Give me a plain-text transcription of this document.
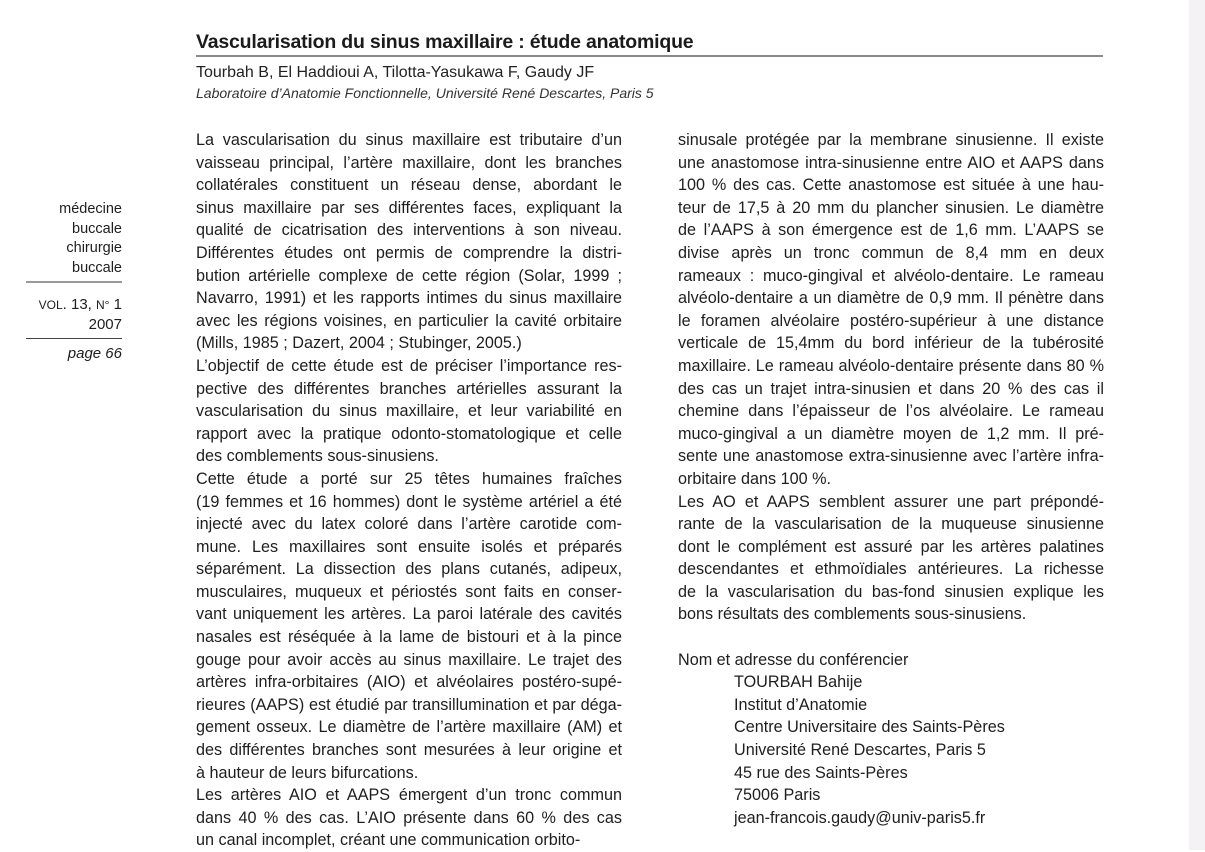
Vascularisation du sinus maxillaire : étude anatomique
Tourbah B, El Haddioui A, Tilotta-Yasukawa F, Gaudy JF
Laboratoire d’Anatomie Fonctionnelle, Université René Descartes, Paris 5
médecine
buccale
chirurgie
buccale
VOL. 13, N° 1
2007
page 66

La vascularisation du sinus maxillaire est tributaire d’un
vaisseau principal, l’artère maxillaire, dont les branches
collatérales constituent un réseau dense, abordant le
sinus maxillaire par ses différentes faces, expliquant la
qualité de cicatrisation des interventions à son niveau.
Différentes études ont permis de comprendre la distri-
bution artérielle complexe de cette région (Solar, 1999 ;
Navarro, 1991) et les rapports intimes du sinus maxillaire
avec les régions voisines, en particulier la cavité orbitaire
(Mills, 1985 ; Dazert, 2004 ; Stubinger, 2005.)

L’objectif de cette étude est de préciser l’importance res-
pective des différentes branches artérielles assurant la
vascularisation du sinus maxillaire, et leur variabilité en
rapport avec la pratique odonto-stomatologique et celle
des comblements sous-sinusiens.

Cette étude a porté sur 25 têtes humaines fraîches
(19 femmes et 16 hommes) dont le système artériel a été
injecté avec du latex coloré dans l’artère carotide com-
mune. Les maxillaires sont ensuite isolés et préparés
séparément. La dissection des plans cutanés, adipeux,
musculaires, muqueux et périostés sont faits en conser-
vant uniquement les artères. La paroi latérale des cavités
nasales est réséquée à la lame de bistouri et à la pince
gouge pour avoir accès au sinus maxillaire. Le trajet des
artères infra-orbitaires (AIO) et alvéolaires postéro-supé-
rieures (AAPS) est étudié par transillumination et par déga-
gement osseux. Le diamètre de l’artère maxillaire (AM) et
des différentes branches sont mesurées à leur origine et
à hauteur de leurs bifurcations.

Les artères AIO et AAPS émergent d’un tronc commun
dans 40 % des cas. L’AIO présente dans 60 % des cas
un canal incomplet, créant une communication orbito-

sinusale protégée par la membrane sinusienne. Il existe
une anastomose intra-sinusienne entre AIO et AAPS dans
100 % des cas. Cette anastomose est située à une hau-
teur de 17,5 à 20 mm du plancher sinusien. Le diamètre
de l’AAPS à son émergence est de 1,6 mm. L’AAPS se
divise après un tronc commun de 8,4 mm en deux
rameaux : muco-gingival et alvéolo-dentaire. Le rameau
alvéolo-dentaire a un diamètre de 0,9 mm. Il pénètre dans
le foramen alvéolaire postéro-supérieur à une distance
verticale de 15,4mm du bord inférieur de la tubérosité
maxillaire. Le rameau alvéolo-dentaire présente dans 80 %
des cas un trajet intra-sinusien et dans 20 % des cas il
chemine dans l’épaisseur de l’os alvéolaire. Le rameau
muco-gingival a un diamètre moyen de 1,2 mm. Il pré-
sente une anastomose extra-sinusienne avec l’artère infra-
orbitaire dans 100 %.

Les AO et AAPS semblent assurer une part prépondé-
rante de la vascularisation de la muqueuse sinusienne
dont le complément est assuré par les artères palatines
descendantes et ethmoïdiales antérieures. La richesse
de la vascularisation du bas-fond sinusien explique les
bons résultats des comblements sous-sinusiens.

Nom et adresse du conférencier
TOURBAH Bahije
Institut d’Anatomie
Centre Universitaire des Saints-Pères
Université René Descartes, Paris 5
45 rue des Saints-Pères
75006 Paris
jean-francois.gaudy@univ-paris5.fr
